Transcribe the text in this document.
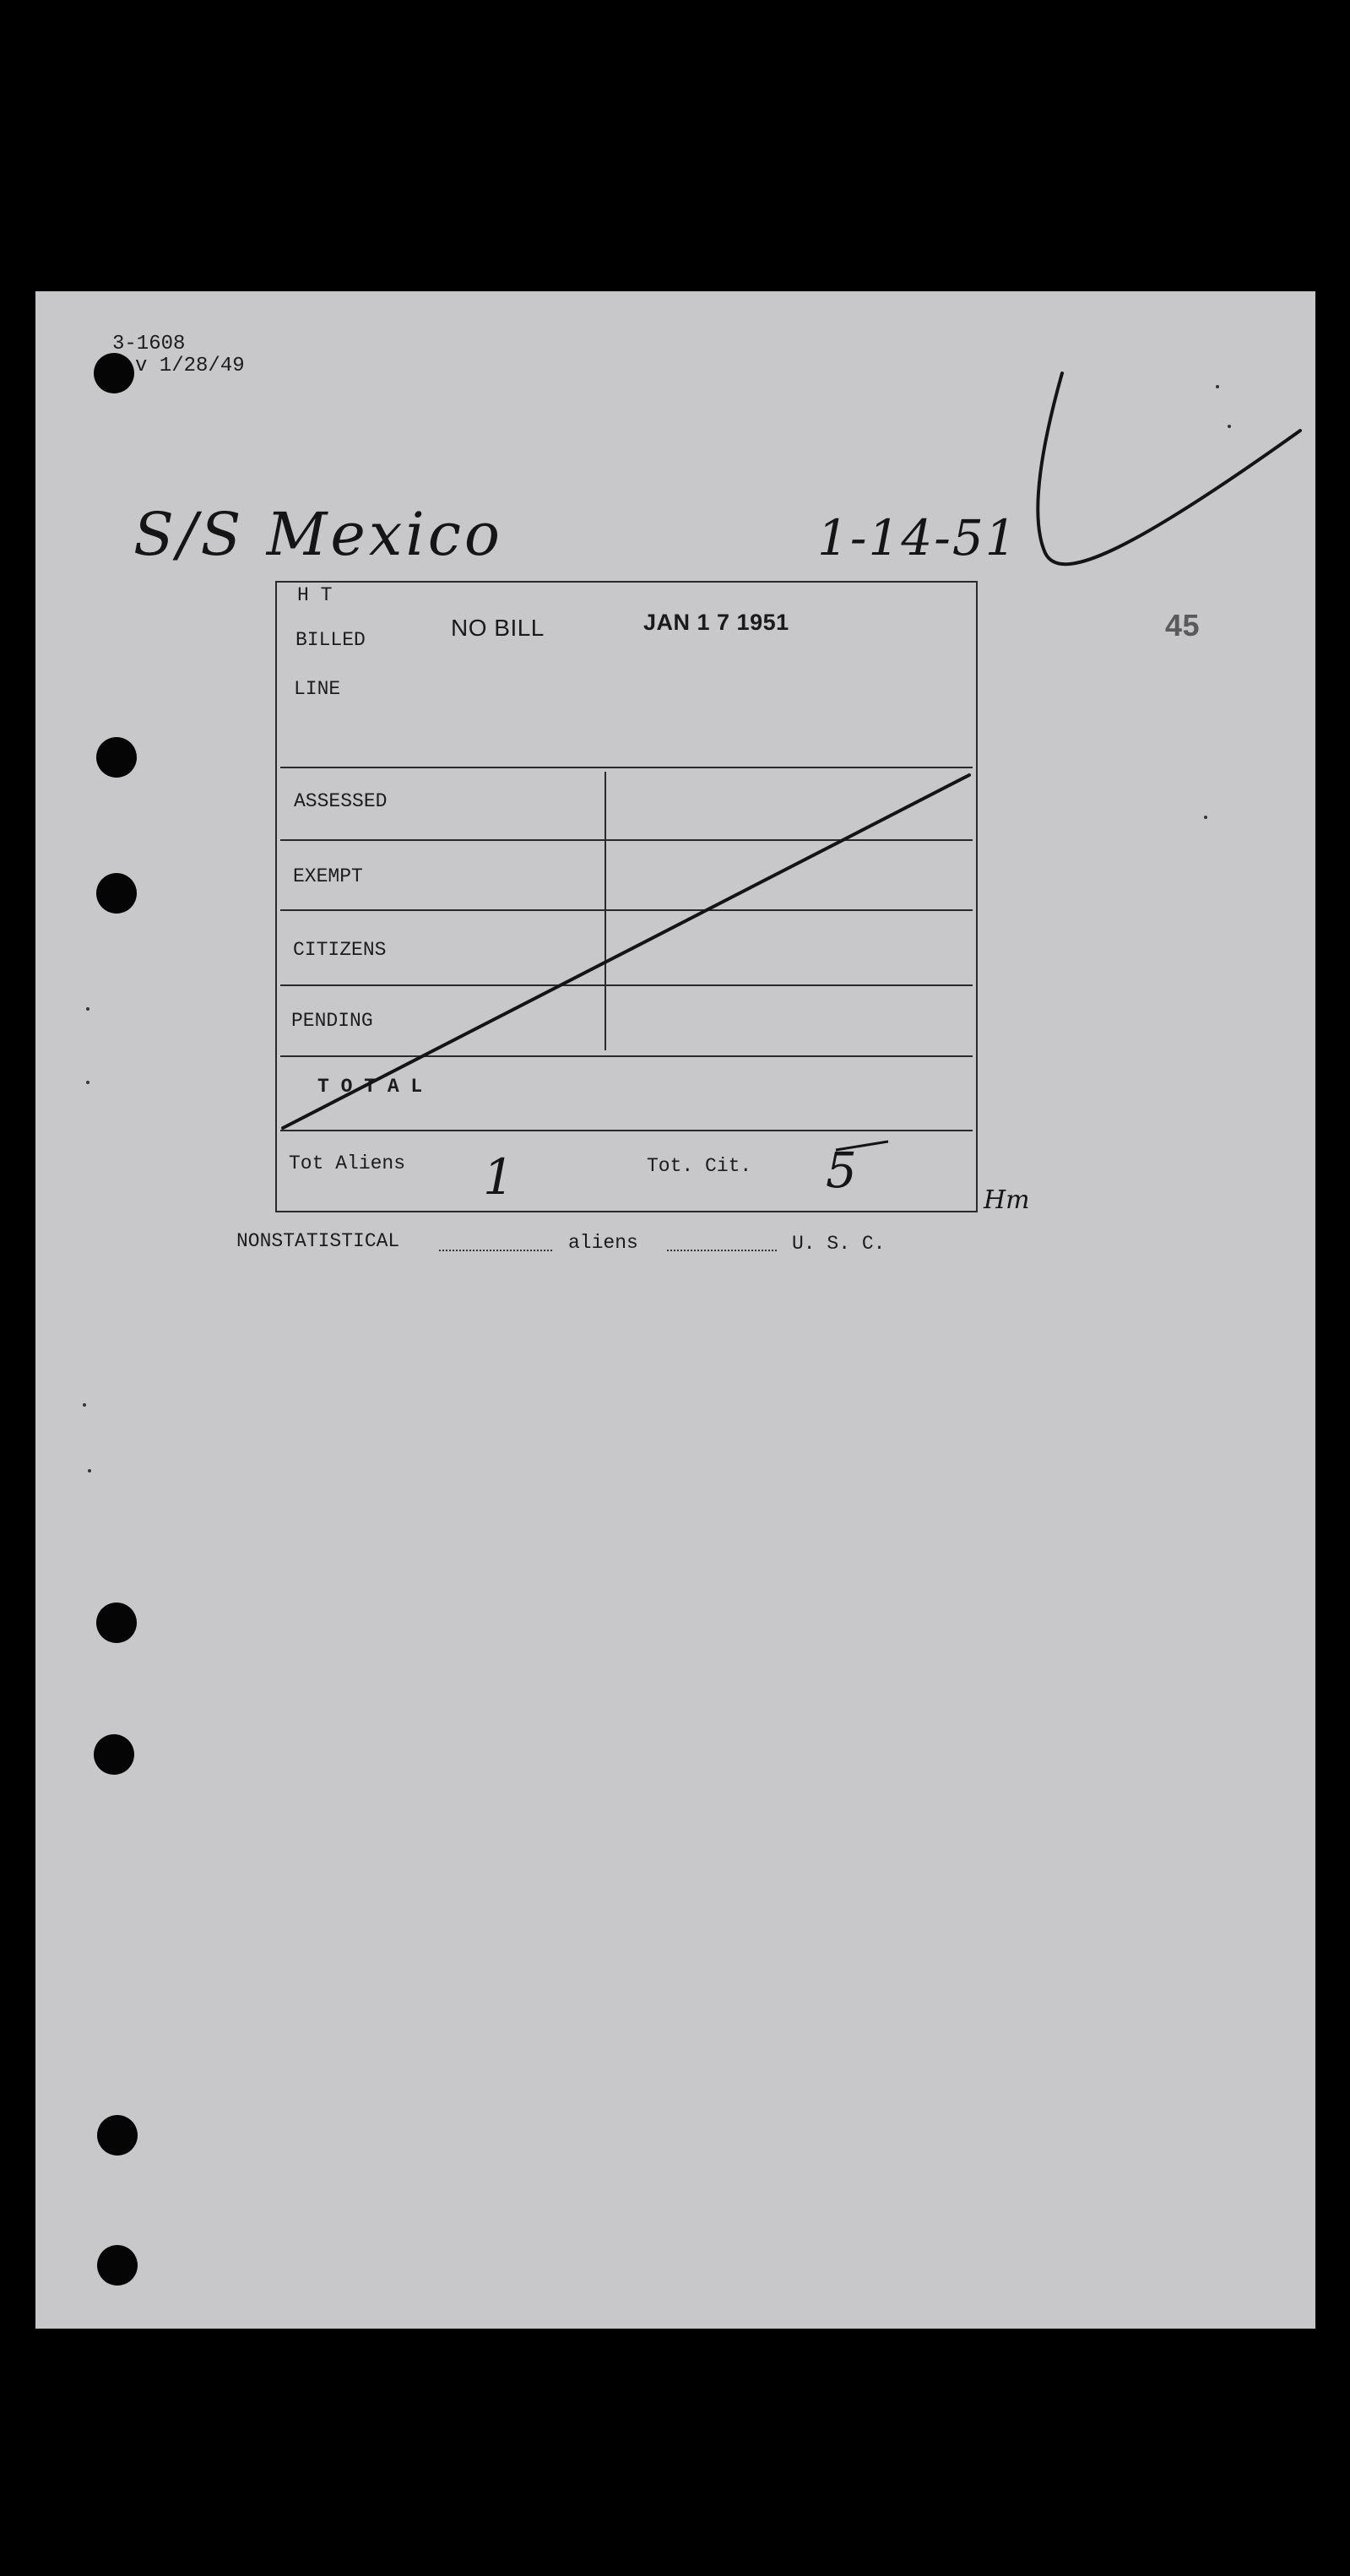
3-1608
v 1/28/49
S/S Mexico	1-14-51
45
H T
BILLED
LINE
NO BILL	JAN 1 7 1951
ASSESSED
EXEMPT
CITIZENS
PENDING
T O T A L
Tot Aliens 1	Tot. Cit. 5
Hm
NONSTATISTICAL	aliens	U. S. C.
